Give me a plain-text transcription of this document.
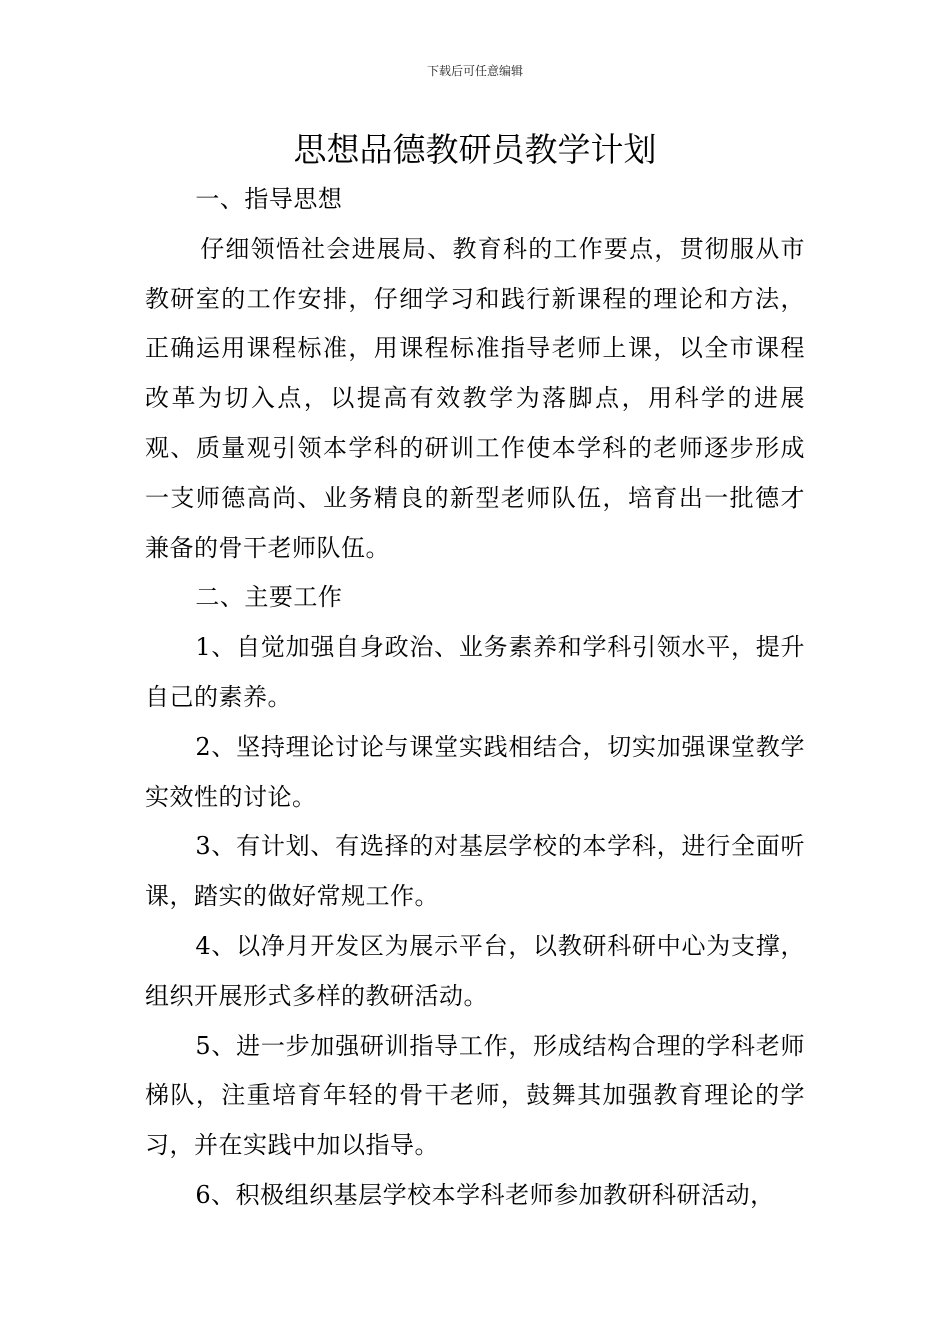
下载后可任意编辑
思想品德教研员教学计划

一、指导思想

仔细领悟社会进展局、教育科的工作要点，贯彻服从市教研室的工作安排，仔细学习和践行新课程的理论和方法，正确运用课程标准，用课程标准指导老师上课，以全市课程改革为切入点，以提高有效教学为落脚点，用科学的进展观、质量观引领本学科的研训工作使本学科的老师逐步形成一支师德高尚、业务精良的新型老师队伍，培育出一批德才兼备的骨干老师队伍。

二、主要工作

1、自觉加强自身政治、业务素养和学科引领水平，提升自己的素养。

2、坚持理论讨论与课堂实践相结合，切实加强课堂教学实效性的讨论。

3、有计划、有选择的对基层学校的本学科，进行全面听课，踏实的做好常规工作。

4、以净月开发区为展示平台，以教研科研中心为支撑，组织开展形式多样的教研活动。

5、进一步加强研训指导工作，形成结构合理的学科老师梯队，注重培育年轻的骨干老师，鼓舞其加强教育理论的学习，并在实践中加以指导。

6、积极组织基层学校本学科老师参加教研科研活动，
